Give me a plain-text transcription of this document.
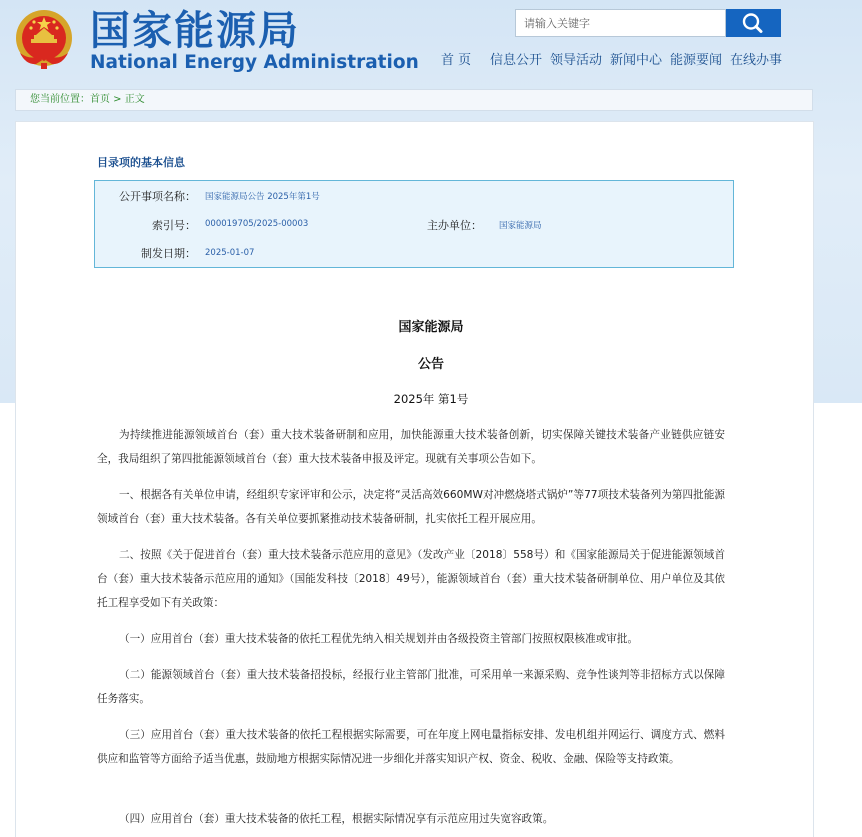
国家能源局
National Energy Administration
请输入关键字 首 页 信息公开 领导活动 新闻中心 能源要闻 在线办事
您当前位置：首页 > 正文
目录项的基本信息
公开事项名称： 国家能源局公告 2025年第1号
索引号： 000019705/2025-00003	主办单位： 国家能源局
制发日期： 2025-01-07
国家能源局
公告
2025年 第1号

为持续推进能源领域首台（套）重大技术装备研制和应用，加快能源重大技术装备创新，切实保障关键技术装备产业链供应链安全，我局组织了第四批能源领域首台（套）重大技术装备申报及评定。现就有关事项公告如下。

一、根据各有关单位申请，经组织专家评审和公示，决定将“灵活高效660MW对冲燃烧塔式锅炉”等77项技术装备列为第四批能源领域首台（套）重大技术装备。各有关单位要抓紧推动技术装备研制，扎实依托工程开展应用。

二、按照《关于促进首台（套）重大技术装备示范应用的意见》（发改产业〔2018〕558号）和《国家能源局关于促进能源领域首台（套）重大技术装备示范应用的通知》（国能发科技〔2018〕49号），能源领域首台（套）重大技术装备研制单位、用户单位及其依托工程享受如下有关政策：

（一）应用首台（套）重大技术装备的依托工程优先纳入相关规划并由各级投资主管部门按照权限核准或审批。

（二）能源领域首台（套）重大技术装备招投标，经报行业主管部门批准，可采用单一来源采购、竞争性谈判等非招标方式以保障任务落实。

（三）应用首台（套）重大技术装备的依托工程根据实际需要，可在年度上网电量指标安排、发电机组并网运行、调度方式、燃料供应和监管等方面给予适当优惠，鼓励地方根据实际情况进一步细化并落实知识产权、资金、税收、金融、保险等支持政策。

（四）应用首台（套）重大技术装备的依托工程，根据实际情况享有示范应用过失宽容政策。
